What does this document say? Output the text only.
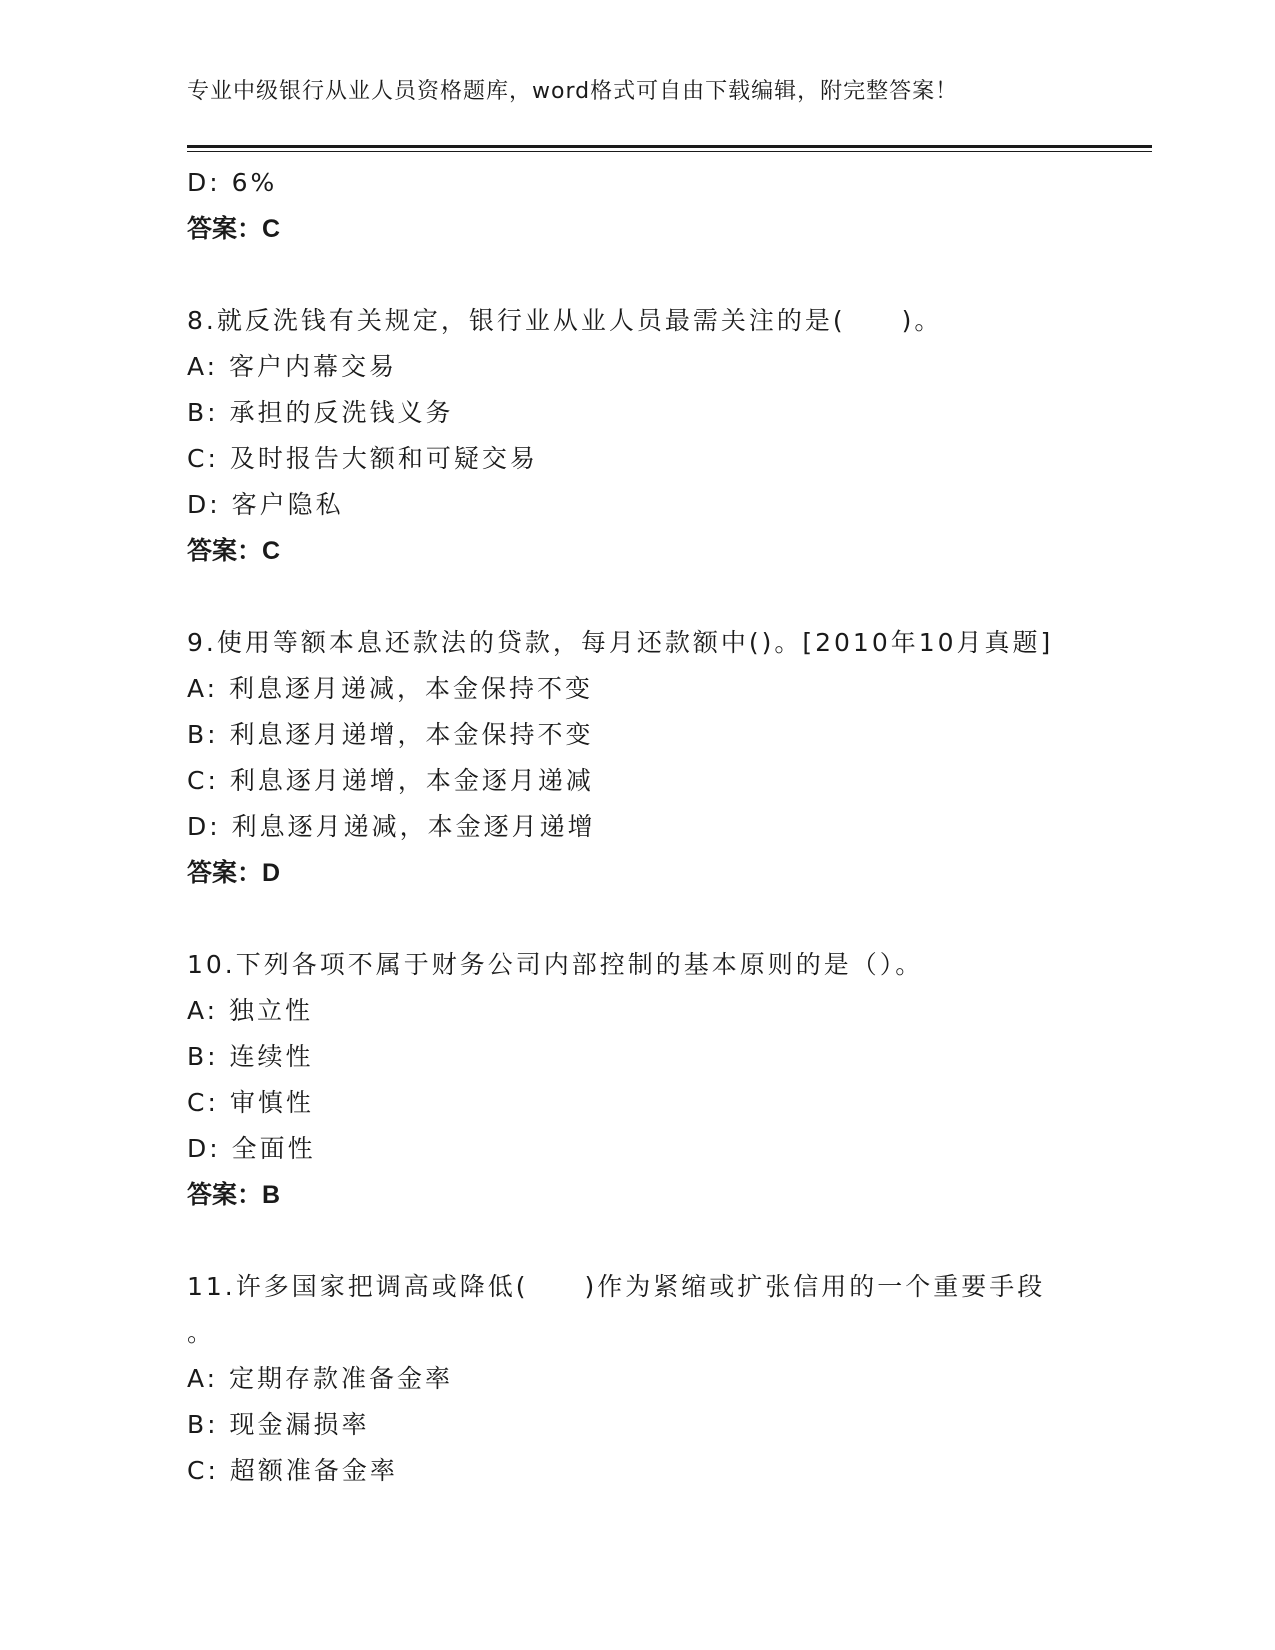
专业中级银行从业人员资格题库，word格式可自由下载编辑，附完整答案！
D: 6%
答案：C
8.就反洗钱有关规定，银行业从业人员最需关注的是(　　)。
A: 客户内幕交易
B: 承担的反洗钱义务
C: 及时报告大额和可疑交易
D: 客户隐私
答案：C
9.使用等额本息还款法的贷款，每月还款额中()。[2010年10月真题]
A: 利息逐月递减，本金保持不变
B: 利息逐月递增，本金保持不变
C: 利息逐月递增，本金逐月递减
D: 利息逐月递减，本金逐月递增
答案：D
10.下列各项不属于财务公司内部控制的基本原则的是（）。
A: 独立性
B: 连续性
C: 审慎性
D: 全面性
答案：B
11.许多国家把调高或降低(　　)作为紧缩或扩张信用的一个重要手段
。
A: 定期存款准备金率
B: 现金漏损率
C: 超额准备金率
